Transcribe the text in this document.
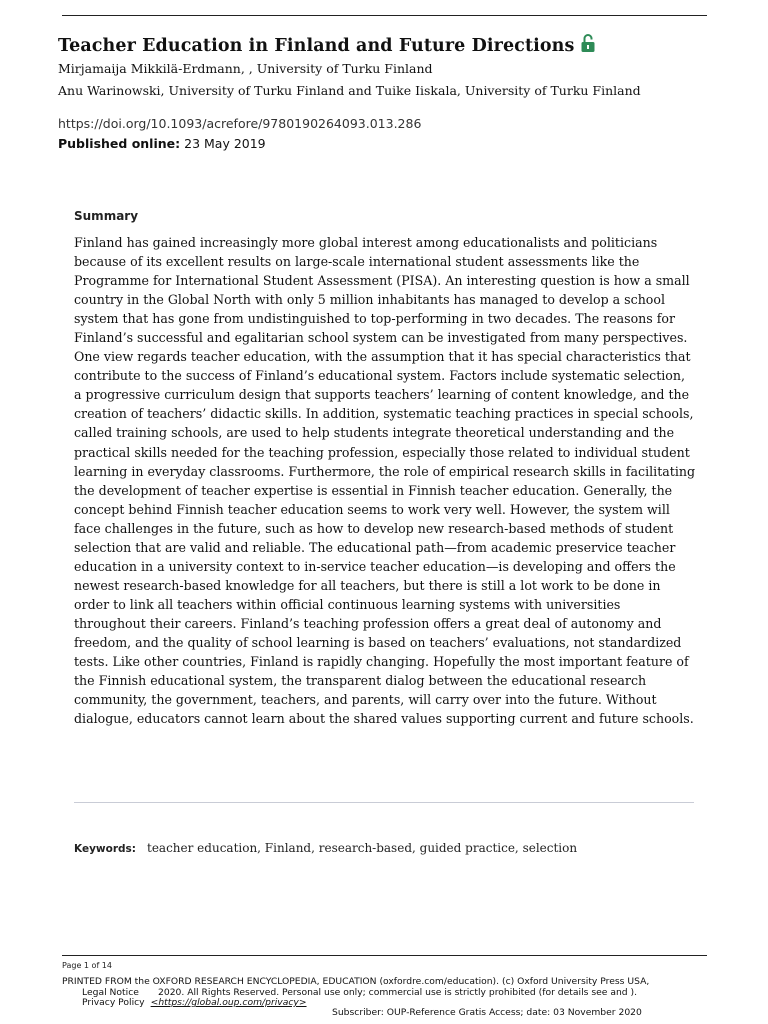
Teacher Education in Finland and Future Directions
Mirjamaija Mikkilä-Erdmann, , University of Turku Finland
Anu Warinowski, University of Turku Finland and Tuike Iiskala, University of Turku Finland
https://doi.org/10.1093/acrefore/9780190264093.013.286
Published online: 23 May 2019
Summary

Finland has gained increasingly more global interest among educationalists and politicians because of its excellent results on large-scale international student assessments like the Programme for International Student Assessment (PISA). An interesting question is how a small country in the Global North with only 5 million inhabitants has managed to develop a school system that has gone from undistinguished to top-performing in two decades. The reasons for Finland’s successful and egalitarian school system can be investigated from many perspectives. One view regards teacher education, with the assumption that it has special characteristics that contribute to the success of Finland’s educational system. Factors include systematic selection, a progressive curriculum design that supports teachers’ learning of content knowledge, and the creation of teachers’ didactic skills. In addition, systematic teaching practices in special schools, called training schools, are used to help students integrate theoretical understanding and the practical skills needed for the teaching profession, especially those related to individual student learning in everyday classrooms. Furthermore, the role of empirical research skills in facilitating the development of teacher expertise is essential in Finnish teacher education. Generally, the concept behind Finnish teacher education seems to work very well. However, the system will face challenges in the future, such as how to develop new research-based methods of student selection that are valid and reliable. The educational path—from academic preservice teacher education in a university context to in-service teacher education—is developing and offers the newest research-based knowledge for all teachers, but there is still a lot work to be done in order to link all teachers within official continuous learning systems with universities throughout their careers. Finland’s teaching profession offers a great deal of autonomy and freedom, and the quality of school learning is based on teachers’ evaluations, not standardized tests. Like other countries, Finland is rapidly changing. Hopefully the most important feature of the Finnish educational system, the transparent dialog between the educational research community, the government, teachers, and parents, will carry over into the future. Without dialogue, educators cannot learn about the shared values supporting current and future schools.

Keywords: teacher education, Finland, research-based, guided practice, selection
Page 1 of 14
PRINTED FROM the OXFORD RESEARCH ENCYCLOPEDIA, EDUCATION (oxfordre.com/education). (c) Oxford University Press USA,
2020. All Rights Reserved. Personal use only; commercial use is strictly prohibited (for details see and ).
Legal Notice
Privacy Policy <https://global.oup.com/privacy>
Subscriber: OUP-Reference Gratis Access; date: 03 November 2020
